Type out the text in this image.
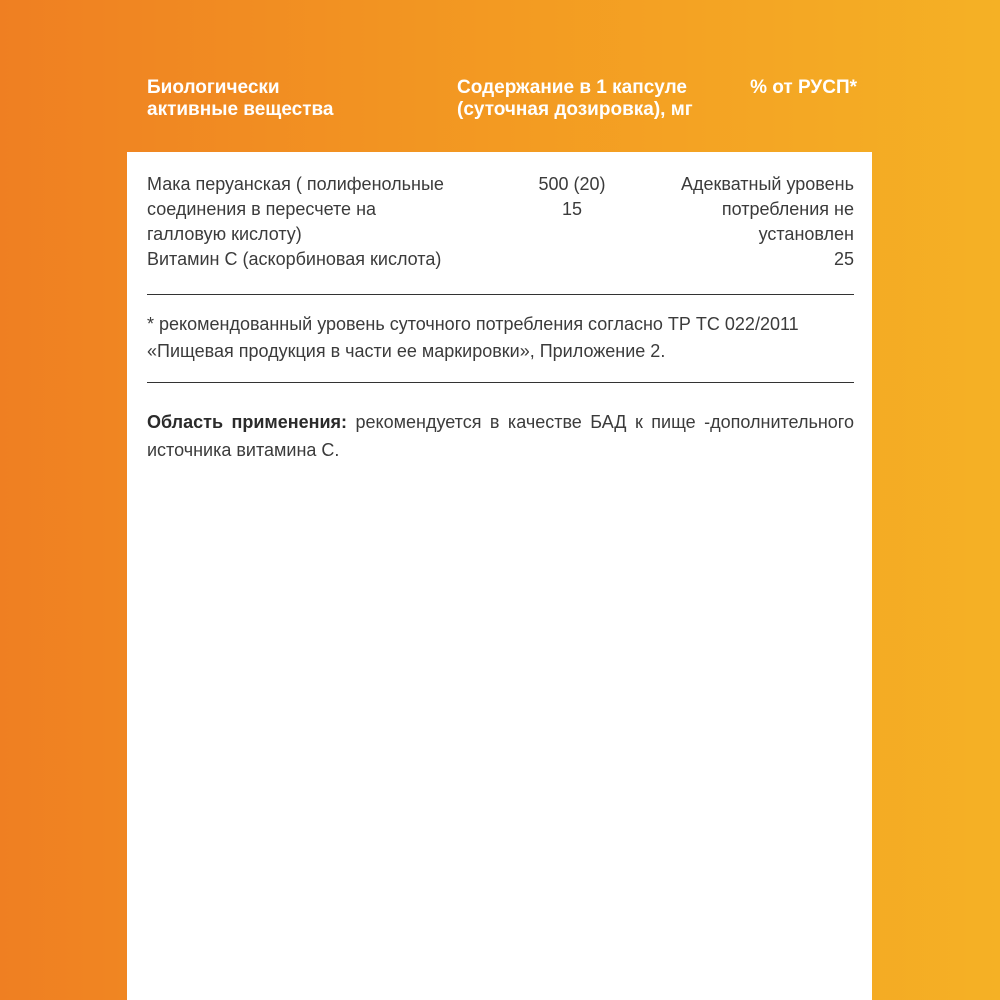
Биологически
активные вещества
Содержание в 1 капсуле
(суточная дозировка), мг
% от РУСП*
Мака перуанская ( полифенольные
соединения в пересчете на
галловую кислоту)
500 (20)
15
Адекватный уровень
потребления не
установлен
Витамин С (аскорбиновая кислота)	25
* рекомендованный уровень суточного потребления согласно ТР ТС 022/2011 «Пищевая продукция в части ее маркировки», Приложение 2.
Область применения: рекомендуется в качестве БАД к пище -дополнительного источника витамина С.
